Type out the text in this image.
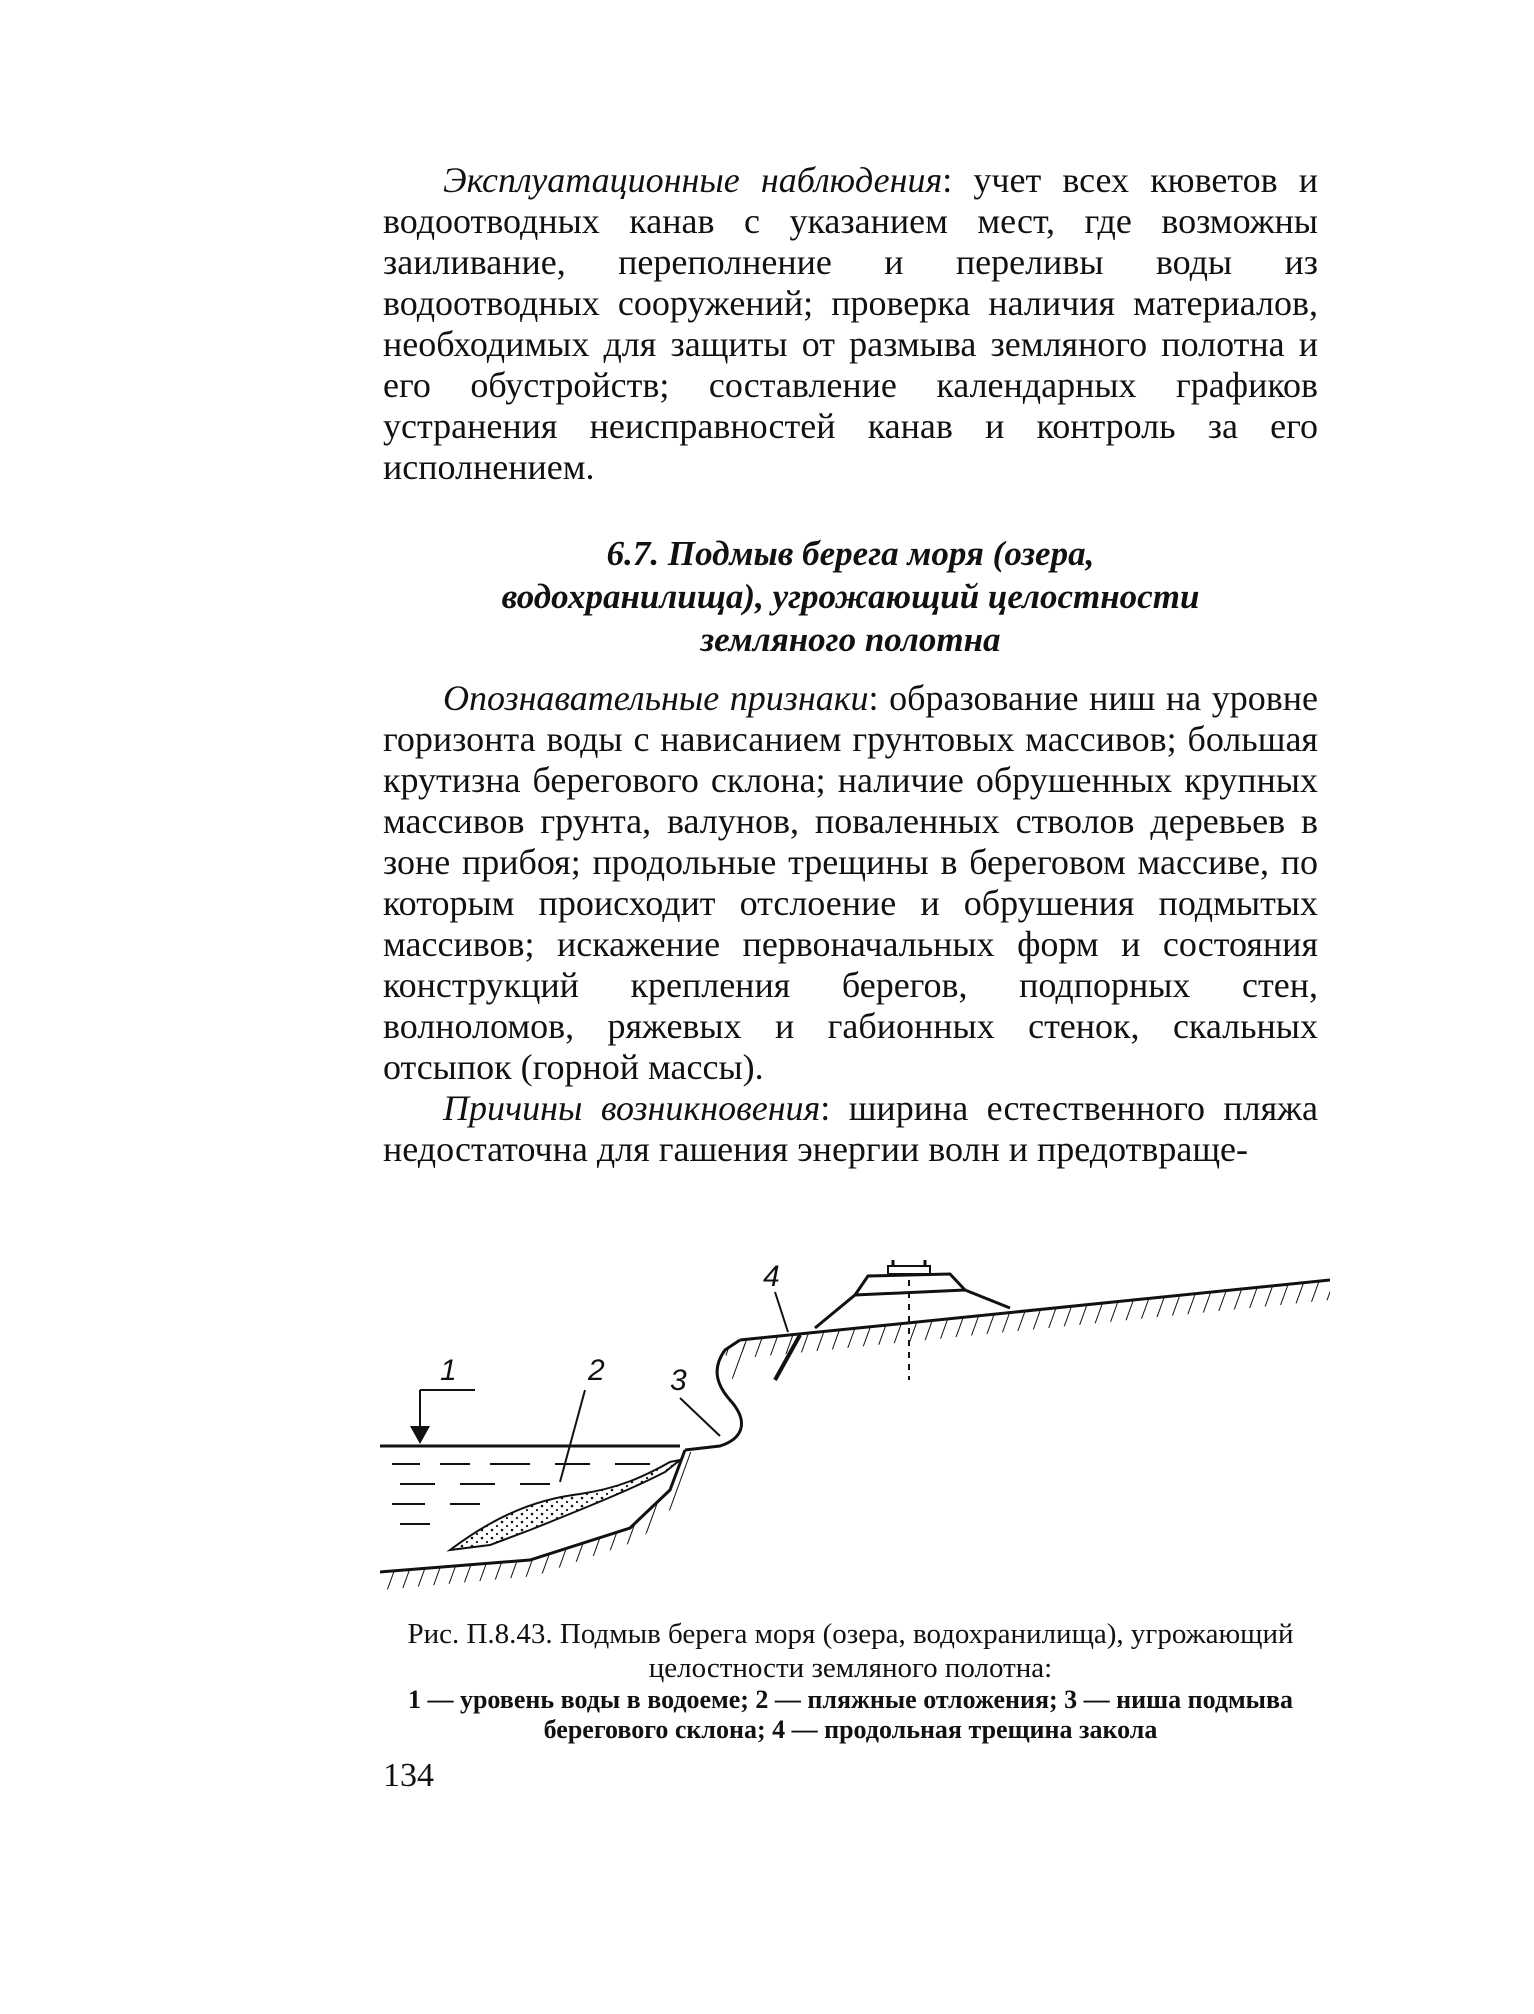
Эксплуатационные наблюдения: учет всех кюветов и водоотводных канав с указанием мест, где возможны заиливание, переполнение и переливы воды из водоотводных сооружений; проверка наличия материалов, необходимых для защиты от размыва земляного полотна и его обустройств; составление календарных графиков устранения неисправностей канав и контроль за его исполнением.

6.7. Подмыв берега моря (озера,
водохранилища), угрожающий целостности
земляного полотна

Опознавательные признаки: образование ниш на уровне горизонта воды с нависанием грунтовых массивов; большая крутизна берегового склона; наличие обрушенных крупных массивов грунта, валунов, поваленных стволов деревьев в зоне прибоя; продольные трещины в береговом массиве, по которым происходит отслоение и обрушения подмытых массивов; искажение первоначальных форм и состояния конструкций крепления берегов, подпорных стен, волноломов, ряжевых и габионных стенок, скальных отсыпок (горной массы).

Причины возникновения: ширина естественного пляжа недостаточна для гашения энергии волн и предотвраще-

1	2 3
4
Рис. П.8.43. Подмыв берега моря (озера, водохранилища), угрожающий целостности земляного полотна:
1 — уровень воды в водоеме; 2 — пляжные отложения; 3 — ниша подмыва берегового склона; 4 — продольная трещина закола
134
